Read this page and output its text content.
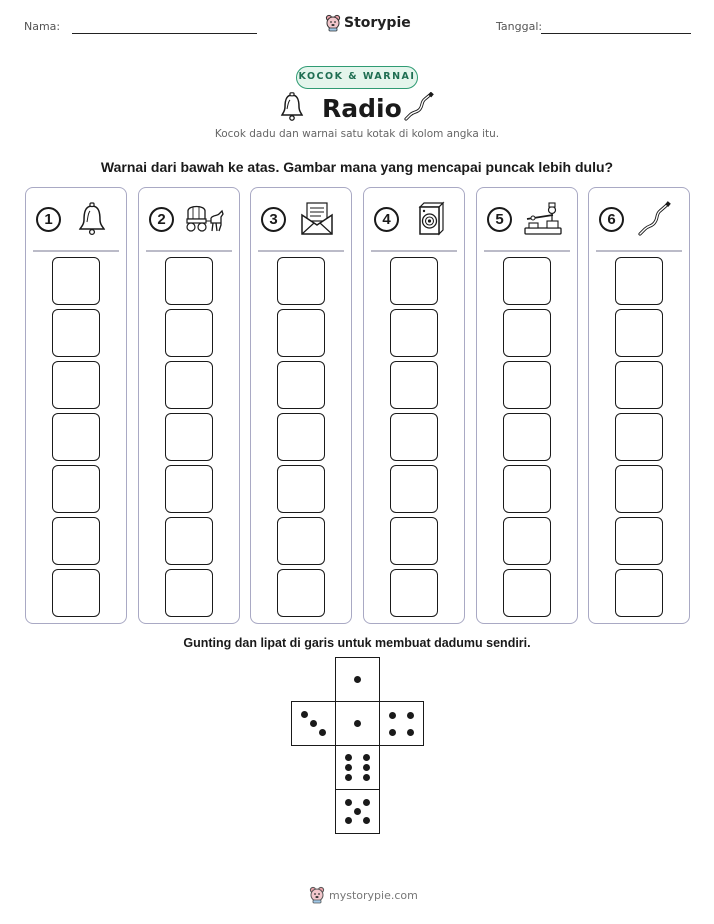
Nama:	Storypie	Tanggal:
KOCOK & WARNAI
Radio
Kocok dadu dan warnai satu kotak di kolom angka itu.
Warnai dari bawah ke atas. Gambar mana yang mencapai puncak lebih dulu?
1	2	3	4	5	6
Gunting dan lipat di garis untuk membuat dadumu sendiri.
mystorypie.com
